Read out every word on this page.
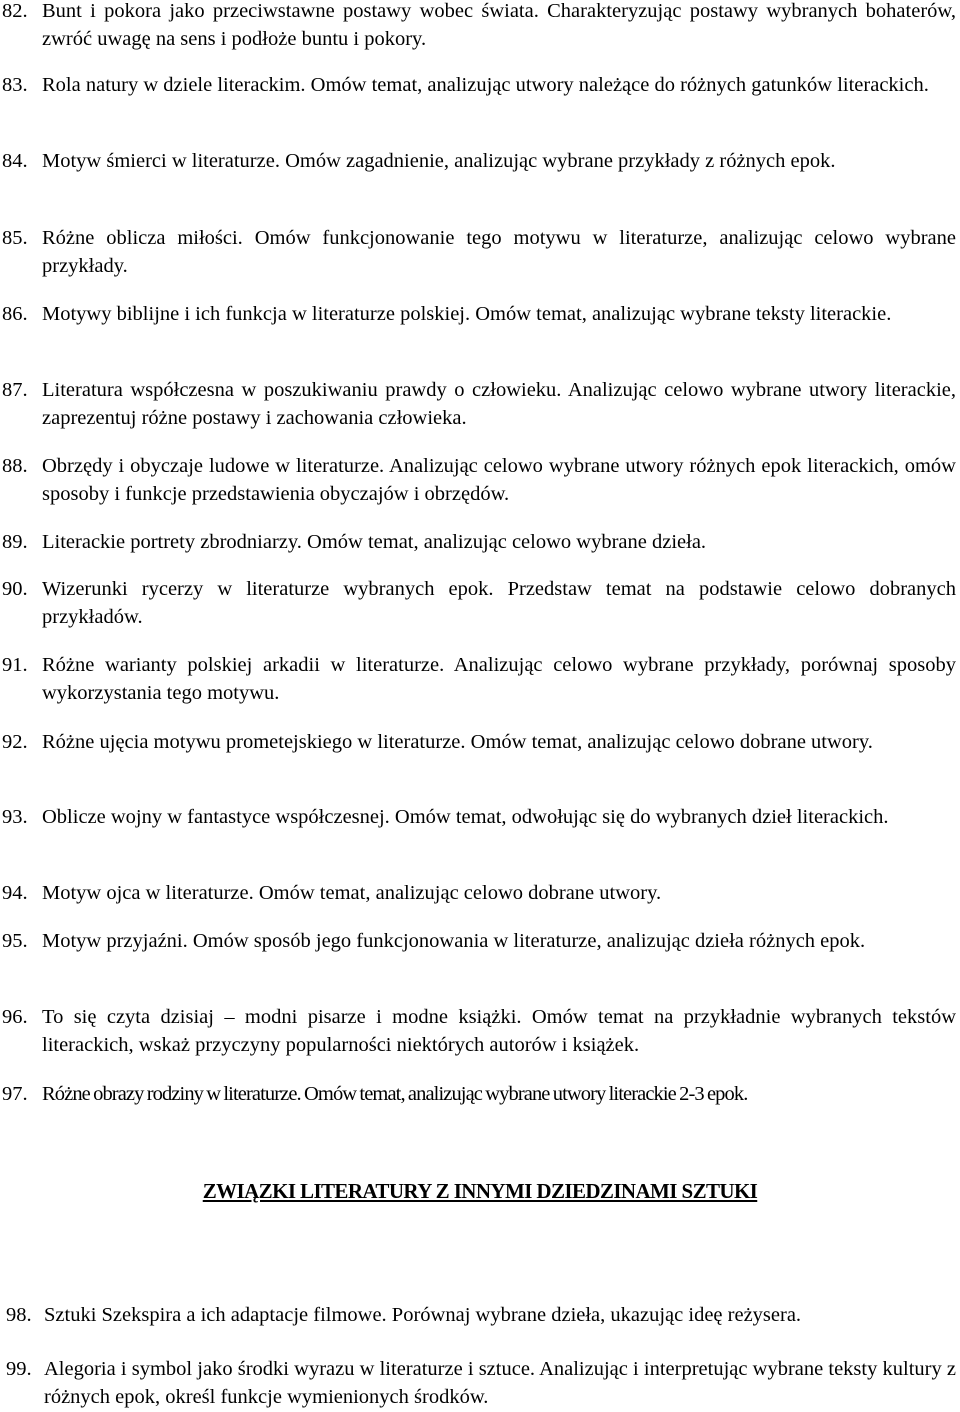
82. Bunt i pokora jako przeciwstawne postawy wobec świata. Charakteryzując postawy wybranych bohaterów, zwróć uwagę na sens i podłoże buntu i pokory.
83. Rola natury w dziele literackim. Omów temat, analizując utwory należące do różnych gatunków literackich.
84. Motyw śmierci w literaturze. Omów zagadnienie, analizując wybrane przykłady z różnych epok.
85. Różne oblicza miłości. Omów funkcjonowanie tego motywu w literaturze, analizując celowo wybrane przykłady.
86. Motywy biblijne i ich funkcja w literaturze polskiej. Omów temat, analizując wybrane teksty literackie.
87. Literatura współczesna w poszukiwaniu prawdy o człowieku. Analizując celowo wybrane utwory literackie, zaprezentuj różne postawy i zachowania człowieka.
88. Obrzędy i obyczaje ludowe w literaturze. Analizując celowo wybrane utwory różnych epok literackich, omów sposoby i funkcje przedstawienia obyczajów i obrzędów.
89. Literackie portrety zbrodniarzy. Omów temat, analizując celowo wybrane dzieła.
90. Wizerunki rycerzy w literaturze wybranych epok. Przedstaw temat na podstawie celowo dobranych przykładów.
91. Różne warianty polskiej arkadii w literaturze. Analizując celowo wybrane przykłady, porównaj sposoby wykorzystania tego motywu.
92. Różne ujęcia motywu prometejskiego w literaturze. Omów temat, analizując celowo dobrane utwory.
93. Oblicze wojny w fantastyce współczesnej. Omów temat, odwołując się do wybranych dzieł literackich.
94. Motyw ojca w literaturze. Omów temat, analizując celowo dobrane utwory.
95. Motyw przyjaźni. Omów sposób jego funkcjonowania w literaturze, analizując dzieła różnych epok.
96. To się czyta dzisiaj – modni pisarze i modne książki. Omów temat na przykładnie wybranych tekstów literackich, wskaż przyczyny popularności niektórych autorów i książek.
97. Różne obrazy rodziny w literaturze. Omów temat, analizując wybrane utwory literackie 2-3 epok.
ZWIĄZKI LITERATURY Z INNYMI DZIEDZINAMI SZTUKI
98. Sztuki Szekspira a ich adaptacje filmowe. Porównaj wybrane dzieła, ukazując ideę reżysera.
99. Alegoria i symbol jako środki wyrazu w literaturze i sztuce. Analizując i interpretując wybrane teksty kultury z różnych epok, określ funkcje wymienionych środków.
